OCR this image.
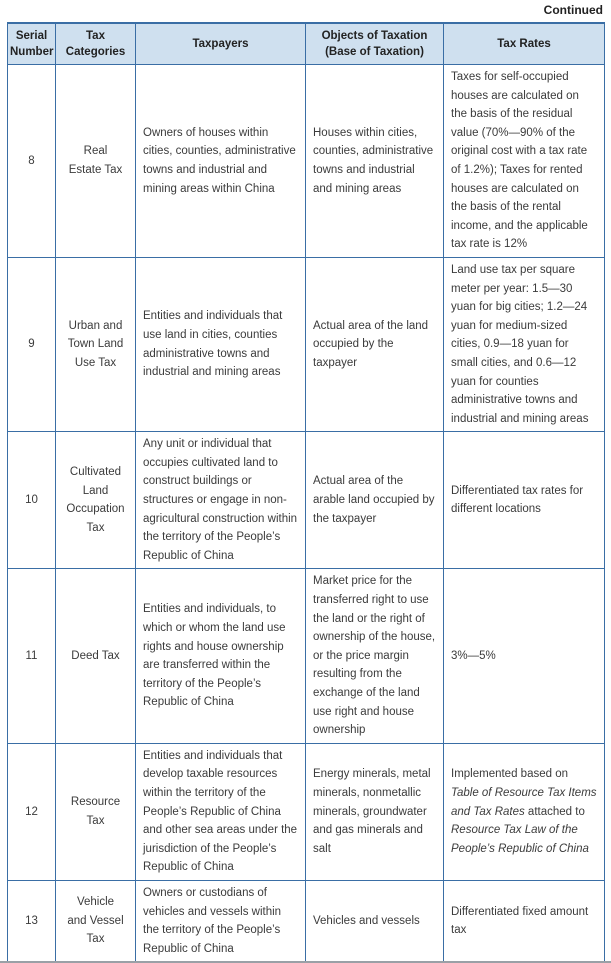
Continued
Serial Number	Tax Categories	Taxpayers	Objects of Taxation (Base of Taxation)	Tax Rates
8	Real Estate Tax	Owners of houses within cities, counties, administrative towns and industrial and mining areas within China	Houses within cities, counties, administrative towns and industrial and mining areas	Taxes for self-occupied houses are calculated on the basis of the residual value (70%—90% of the original cost with a tax rate of 1.2%); Taxes for rented houses are calculated on the basis of the rental income, and the applicable tax rate is 12%
9	Urban and Town Land Use Tax	Entities and individuals that use land in cities, counties administrative towns and industrial and mining areas	Actual area of the land occupied by the taxpayer	Land use tax per square meter per year: 1.5—30 yuan for big cities; 1.2—24 yuan for medium-sized cities, 0.9—18 yuan for small cities, and 0.6—12 yuan for counties administrative towns and industrial and mining areas
10	Cultivated Land Occupation Tax	Any unit or individual that occupies cultivated land to construct buildings or structures or engage in non-agricultural construction within the territory of the People’s Republic of China	Actual area of the arable land occupied by the taxpayer	Differentiated tax rates for different locations
11	Deed Tax	Entities and individuals, to which or whom the land use rights and house ownership are transferred within the territory of the People’s Republic of China	Market price for the transferred right to use the land or the right of ownership of the house, or the price margin resulting from the exchange of the land use right and house ownership	3%—5%
12	Resource Tax	Entities and individuals that develop taxable resources within the territory of the People’s Republic of China and other sea areas under the jurisdiction of the People’s Republic of China	Energy minerals, metal minerals, nonmetallic minerals, groundwater and gas minerals and salt	Implemented based on Table of Resource Tax Items and Tax Rates attached to Resource Tax Law of the People’s Republic of China
13	Vehicle and Vessel Tax	Owners or custodians of vehicles and vessels within the territory of the People’s Republic of China	Vehicles and vessels	Differentiated fixed amount tax
